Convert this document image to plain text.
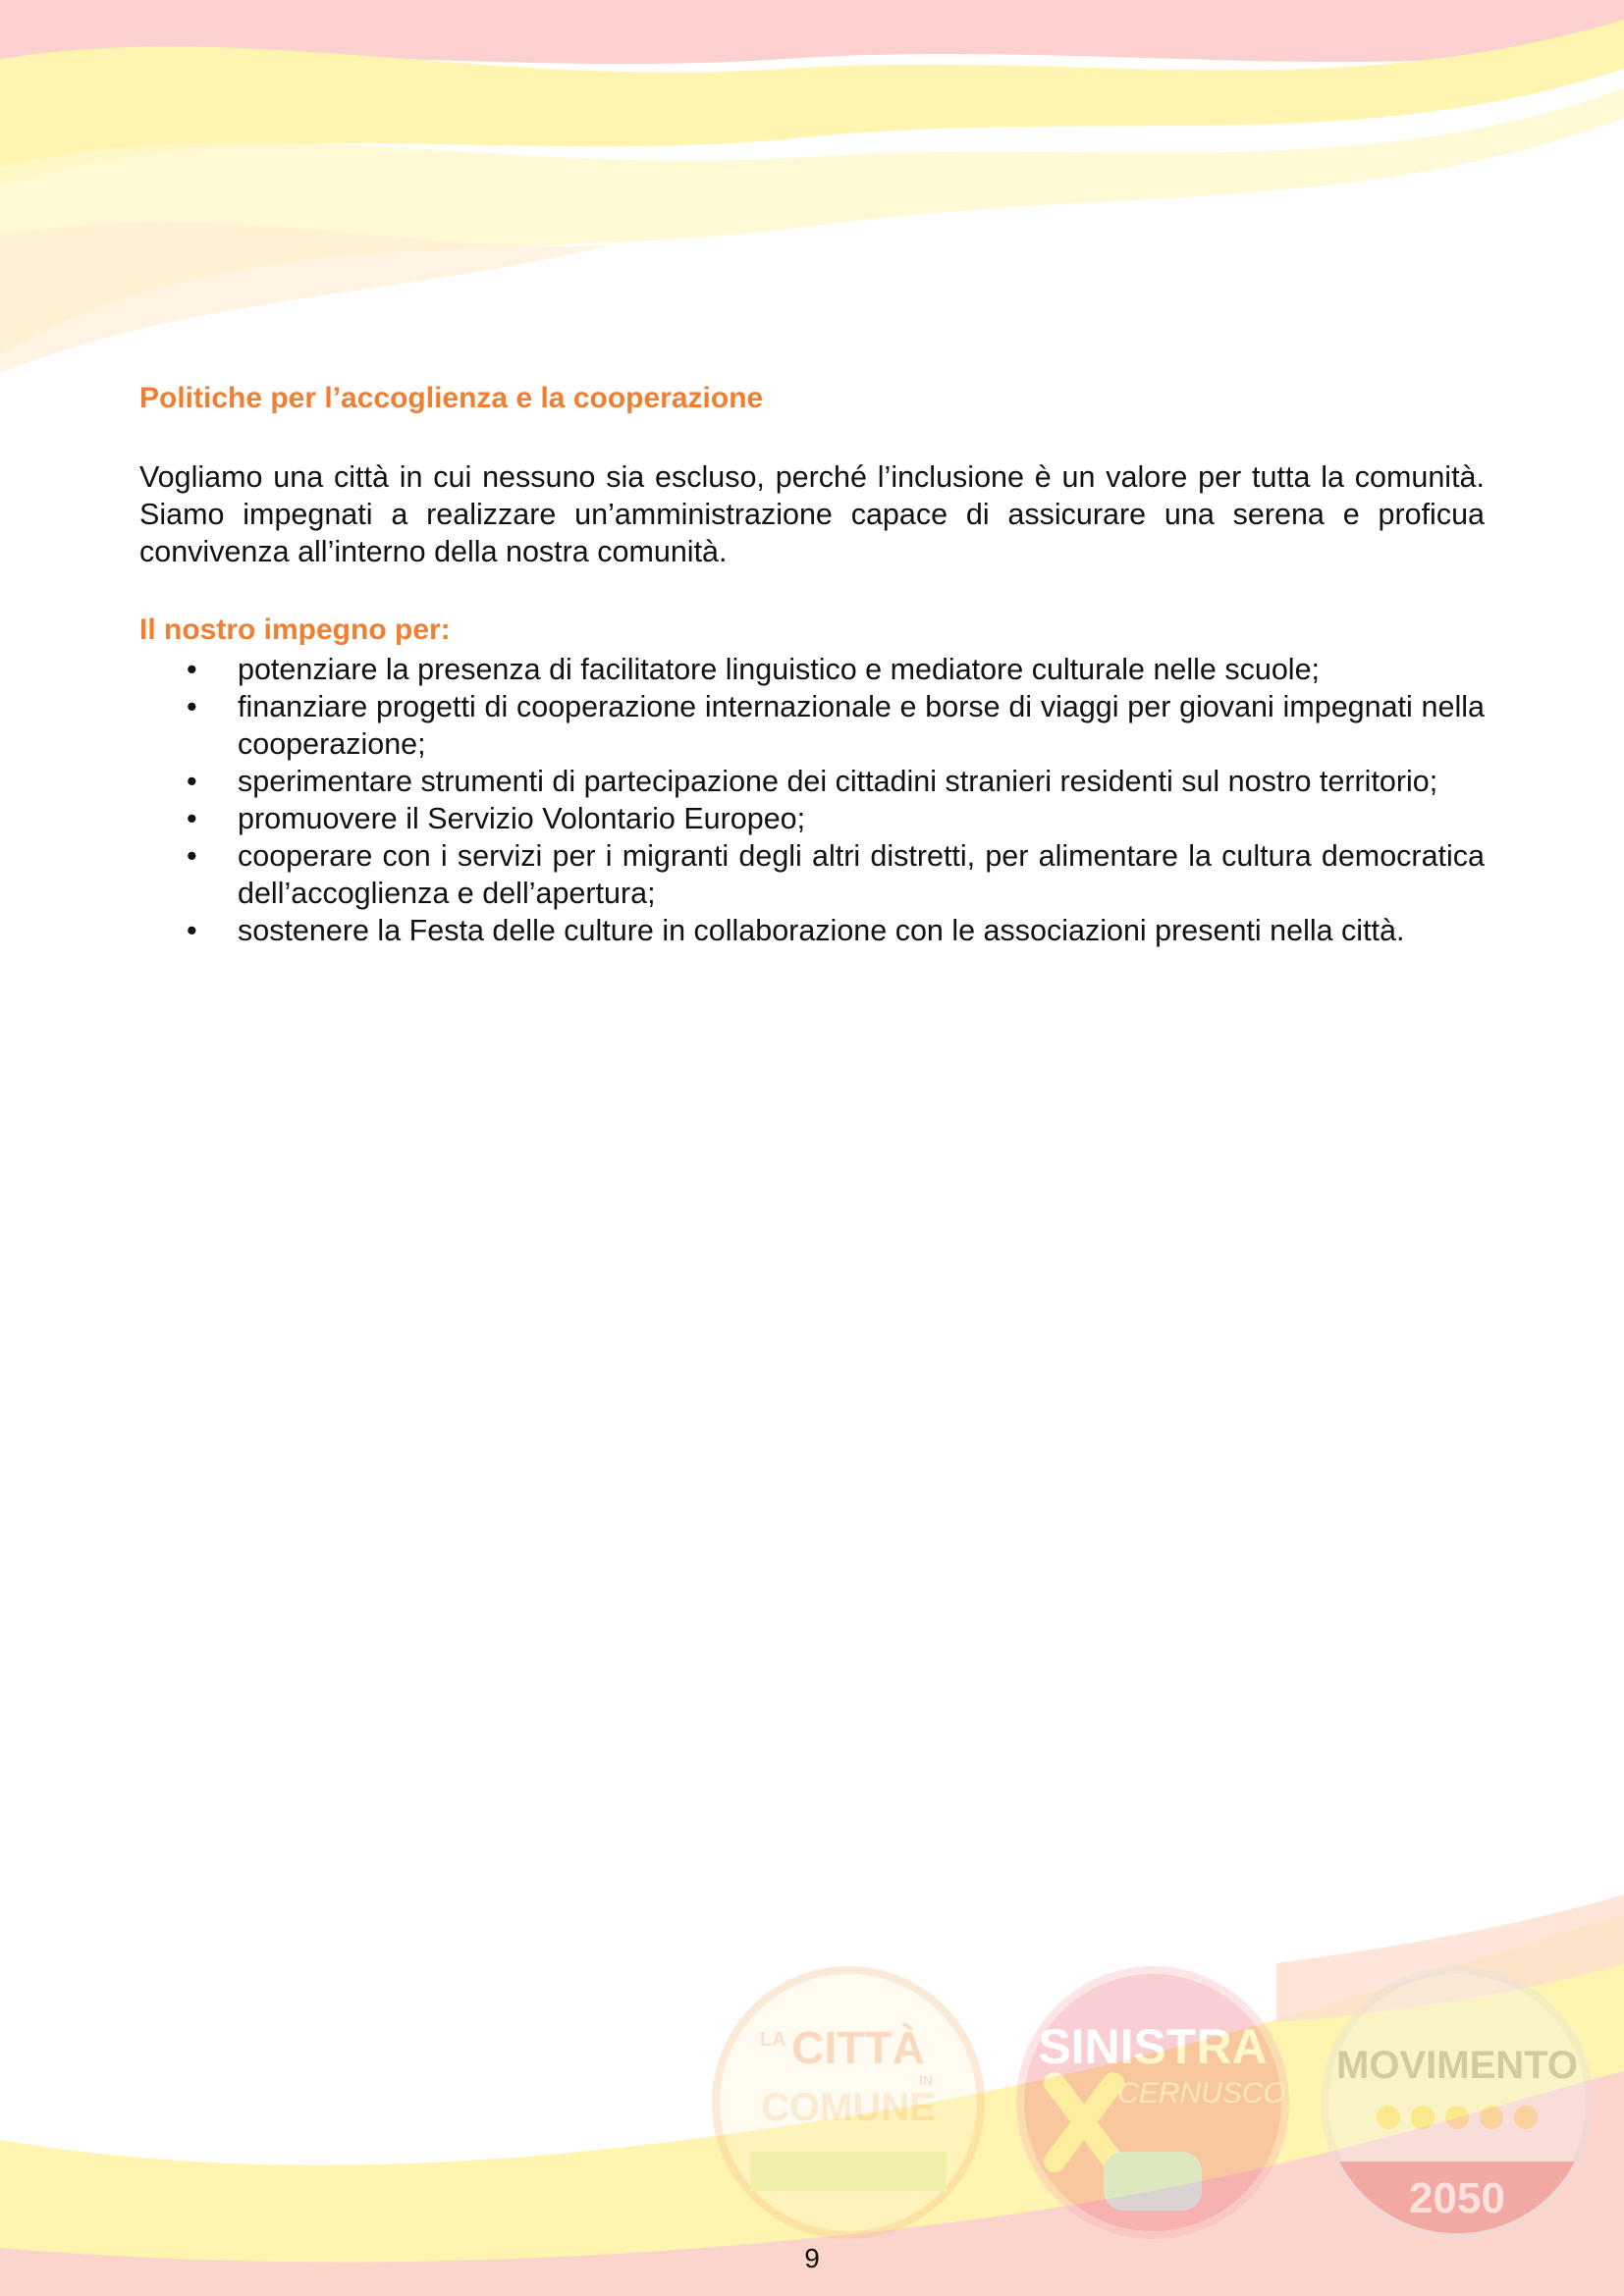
Politiche per l’accoglienza e la cooperazione

Vogliamo una città in cui nessuno sia escluso, perché l’inclusione è un valore per tutta la comunità. Siamo impegnati a realizzare un’amministrazione capace di assicurare una serena e proficua convivenza all’interno della nostra comunità.

Il nostro impegno per:
• potenziare la presenza di facilitatore linguistico e mediatore culturale nelle scuole;
• finanziare progetti di cooperazione internazionale e borse di viaggi per giovani impegnati nella cooperazione;
• sperimentare strumenti di partecipazione dei cittadini stranieri residenti sul nostro territorio;
• promuovere il Servizio Volontario Europeo;
• cooperare con i servizi per i migranti degli altri distretti, per alimentare la cultura democratica dell’accoglienza e dell’apertura;
• sostenere la Festa delle culture in collaborazione con le associazioni presenti nella città.
LA CITTÀ
IN
COMUNE
SINISTRA
CERNUSCO
MOVIMENTO
2050
9
